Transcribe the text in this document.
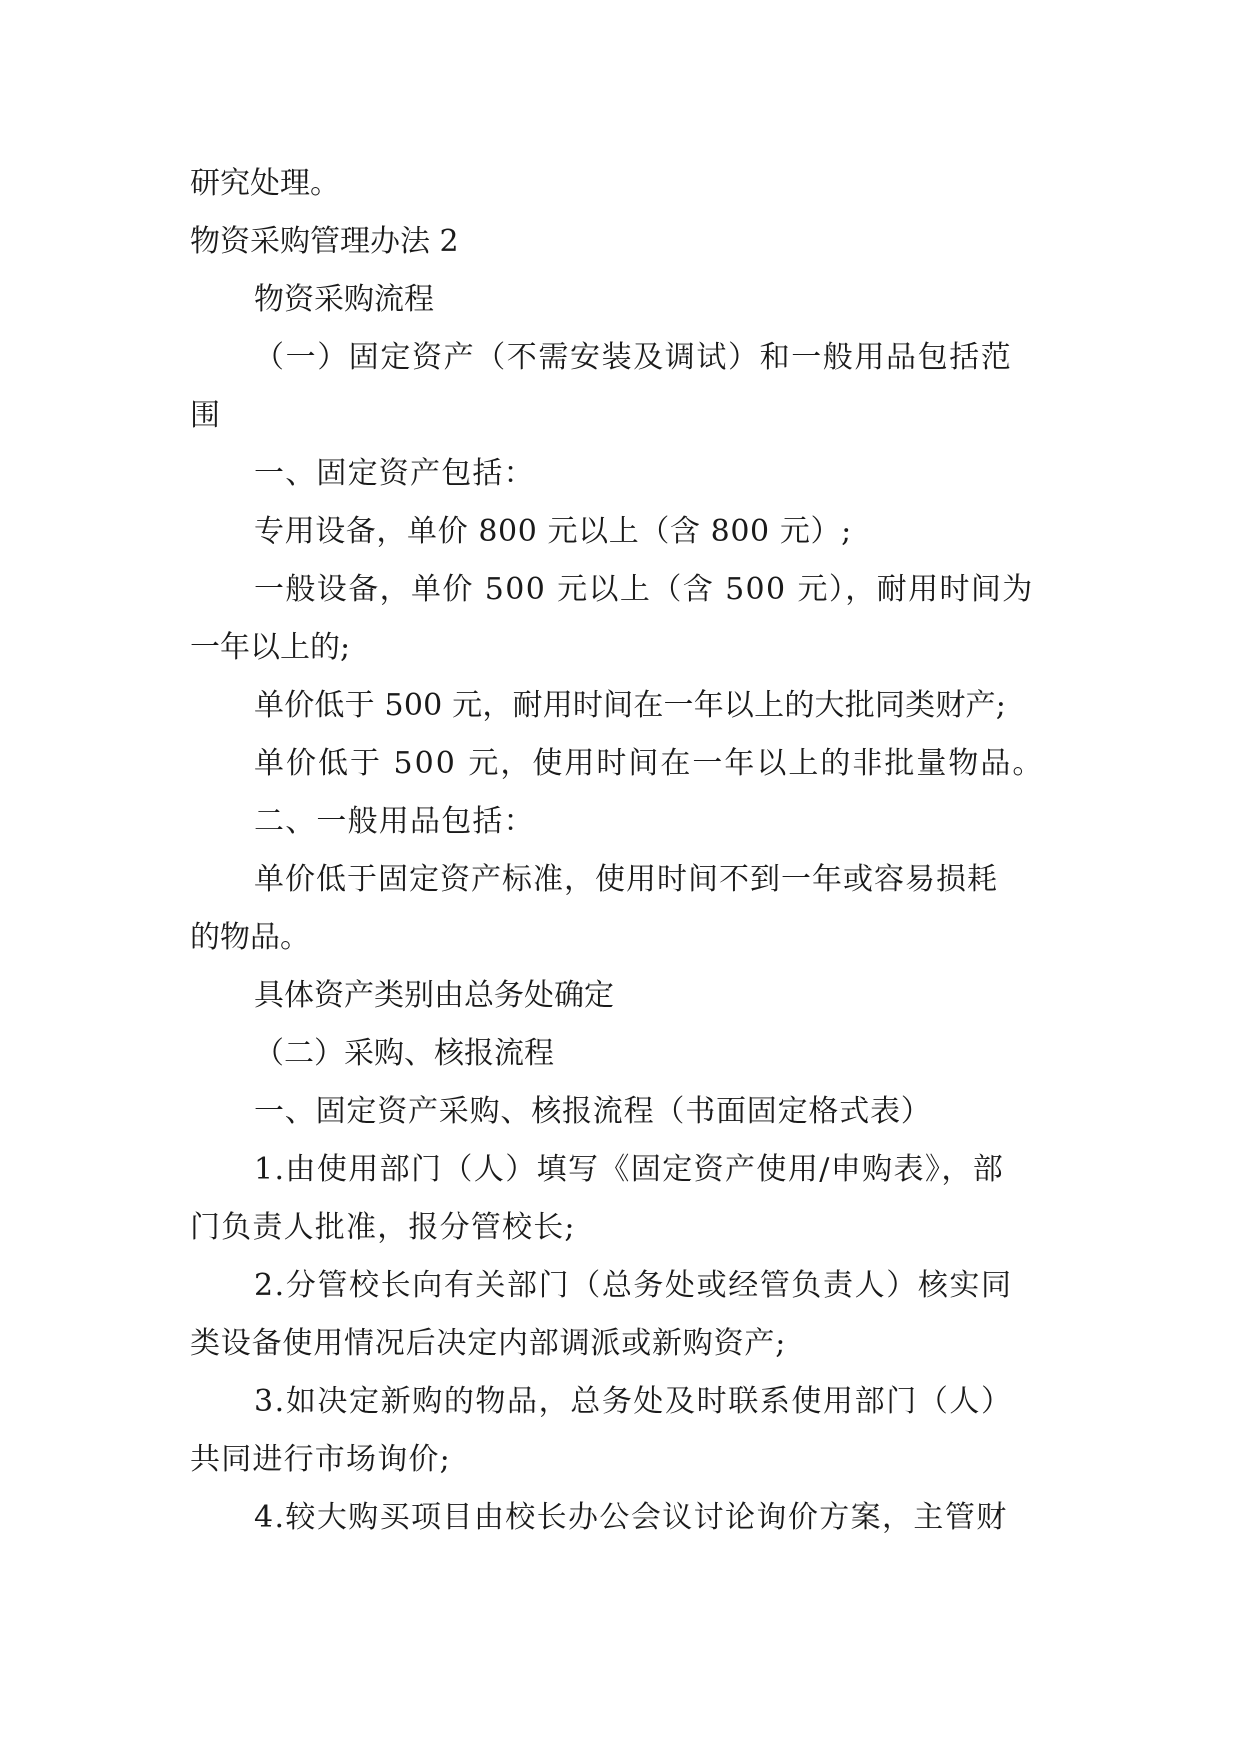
研究处理。
物资采购管理办法 2
物资采购流程
（一）固定资产（不需安装及调试）和一般用品包括范
围
一、固定资产包括：
专用设备，单价 800 元以上（含 800 元）;
一般设备，单价 500 元以上（含 500 元），耐用时间为
一年以上的;
单价低于 500 元，耐用时间在一年以上的大批同类财产;
单价低于 500 元，使用时间在一年以上的非批量物品。
二、一般用品包括：
单价低于固定资产标准，使用时间不到一年或容易损耗
的物品。
具体资产类别由总务处确定
（二）采购、核报流程
一、固定资产采购、核报流程（书面固定格式表）
1.由使用部门（人）填写《固定资产使用/申购表》，部
门负责人批准，报分管校长;
2.分管校长向有关部门（总务处或经管负责人）核实同
类设备使用情况后决定内部调派或新购资产;
3.如决定新购的物品，总务处及时联系使用部门（人）
共同进行市场询价;
4.较大购买项目由校长办公会议讨论询价方案，主管财
